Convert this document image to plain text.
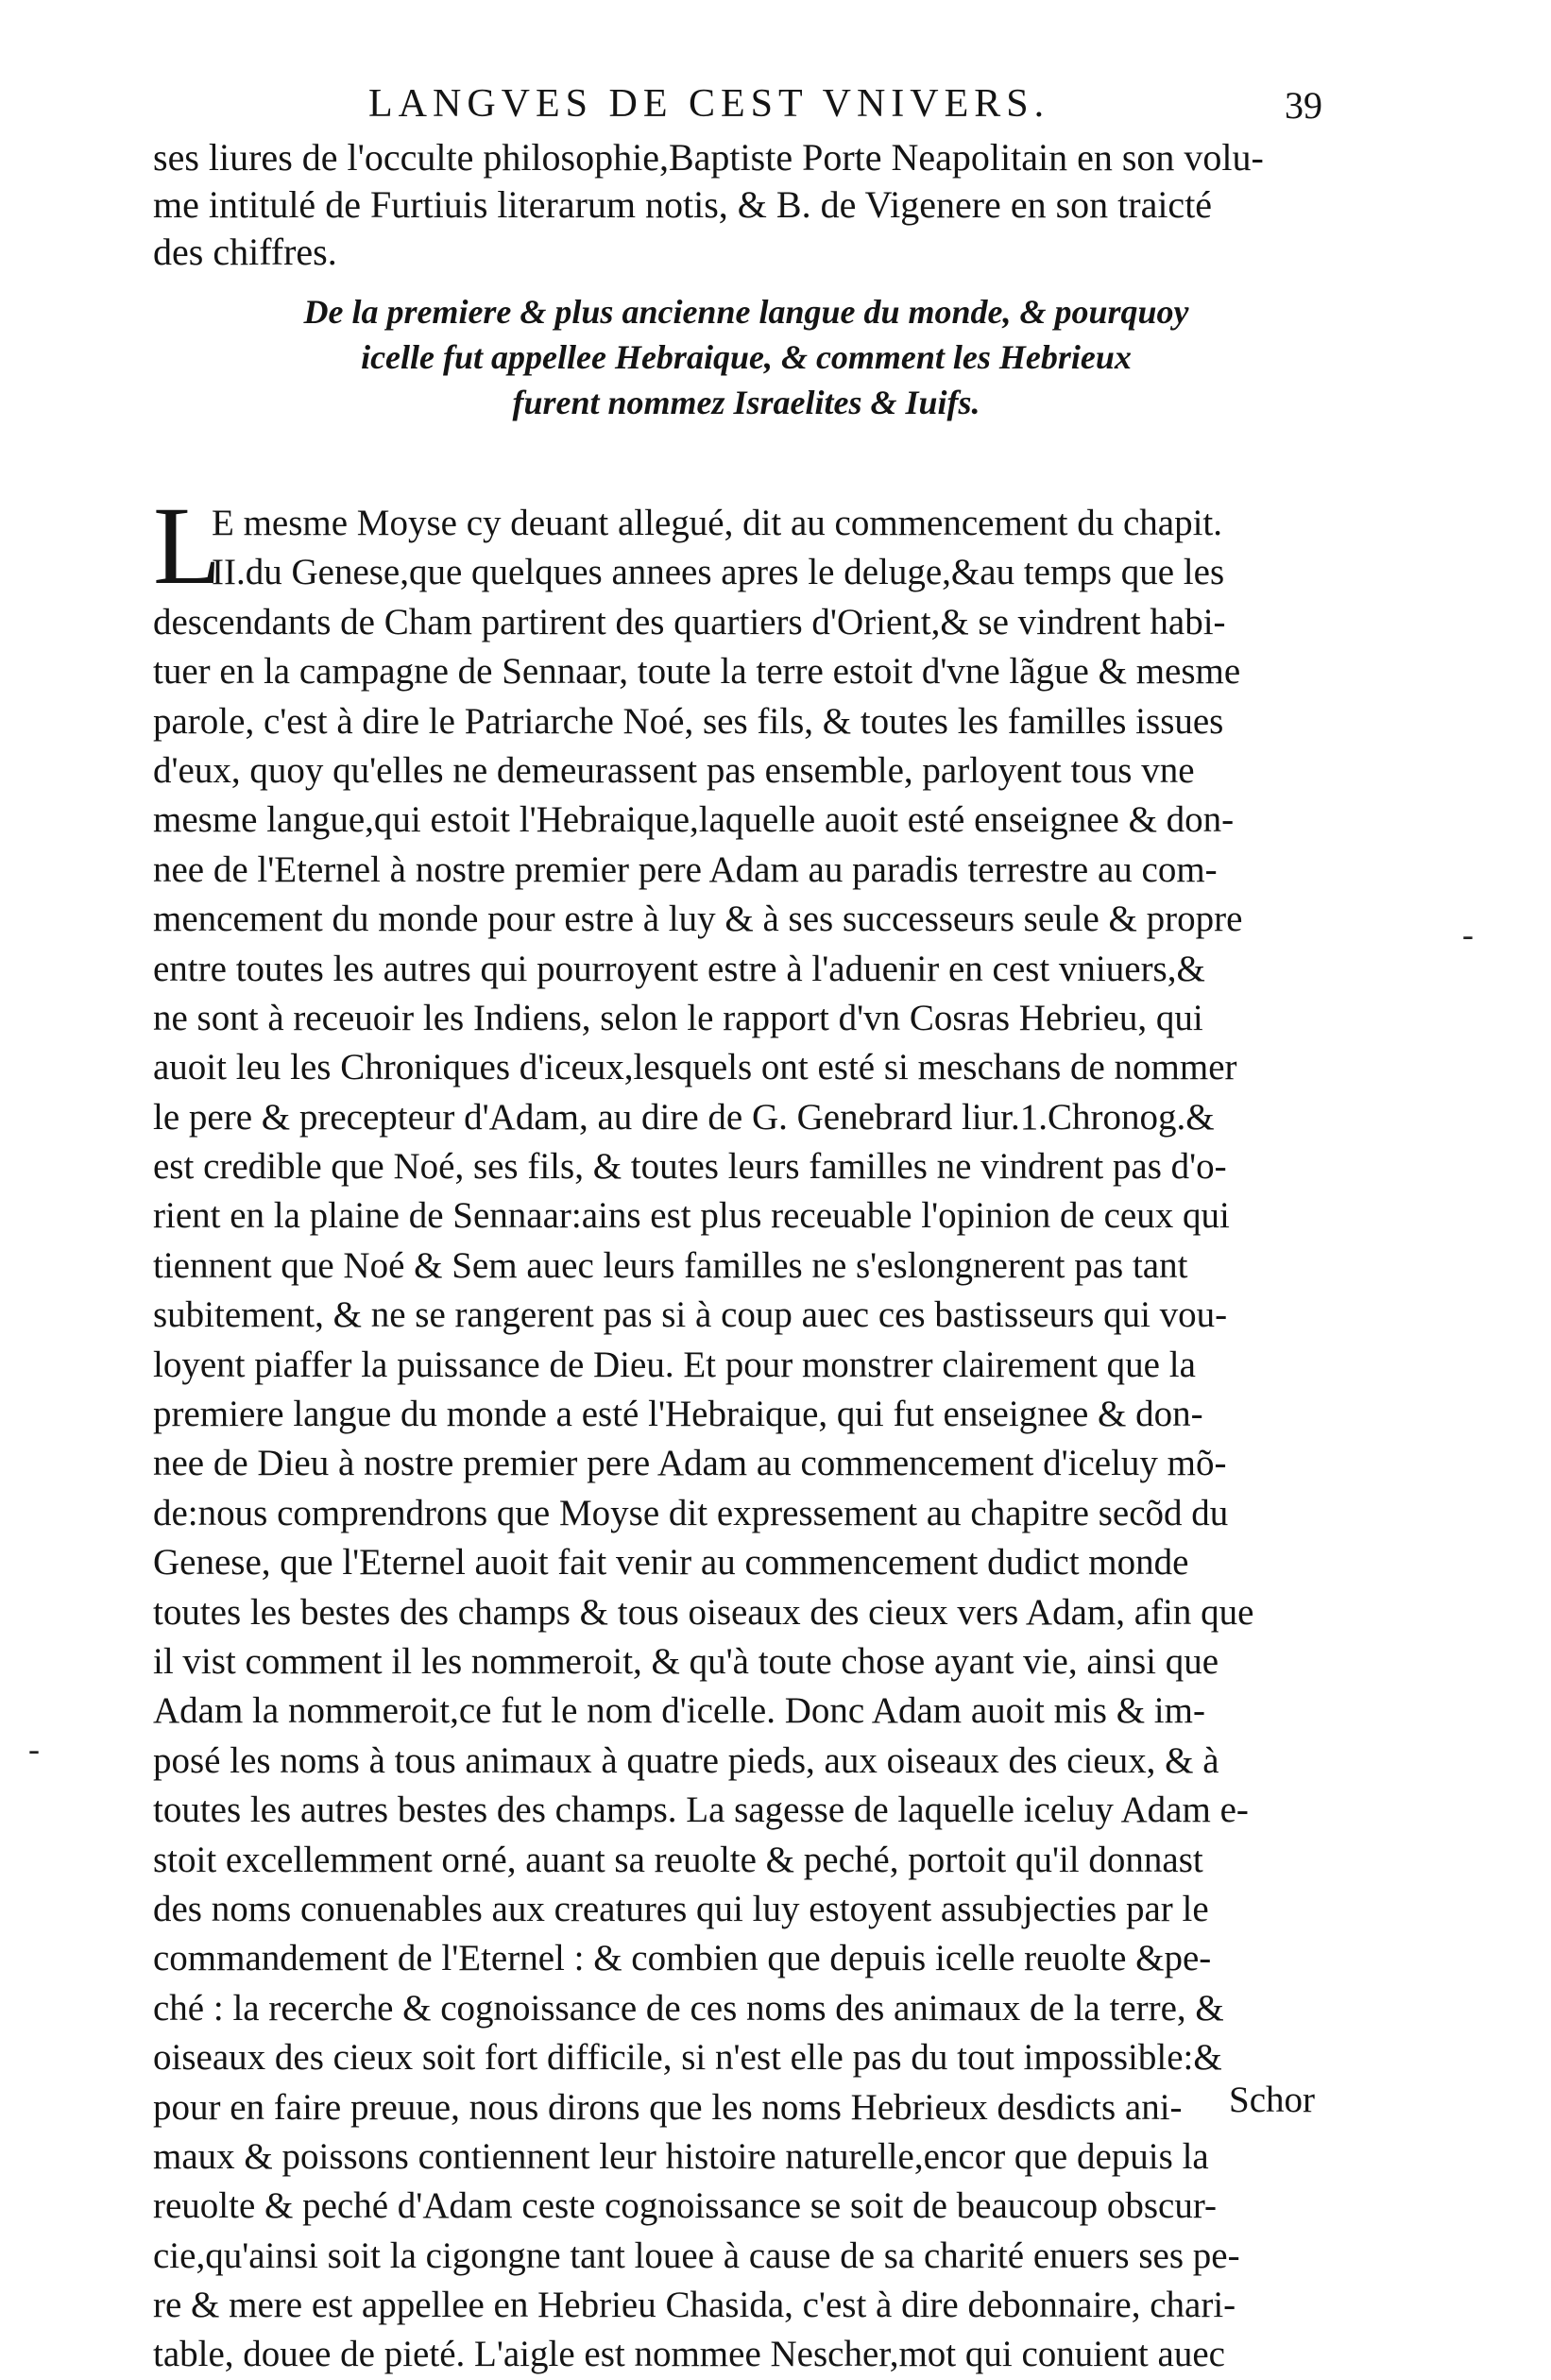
LANGVES DE CEST VNIVERS.	39
ses liures de l'occulte philosophie,Baptiste Porte Neapolitain en son volu-
me intitulé de Furtiuis literarum notis, & B. de Vigenere en son traicté
des chiffres.
De la premiere & plus ancienne langue du monde, & pourquoy
icelle fut appellee Hebraique, & comment les Hebrieux
furent nommez Israelites & Iuifs.
L
E mesme Moyse cy deuant allegué, dit au commencement du chapit.
II.du Genese,que quelques annees apres le deluge,&au temps que les
descendants de Cham partirent des quartiers d'Orient,& se vindrent habi-
tuer en la campagne de Sennaar, toute la terre estoit d'vne lãgue & mesme
parole, c'est à dire le Patriarche Noé, ses fils, & toutes les familles issues
d'eux, quoy qu'elles ne demeurassent pas ensemble, parloyent tous vne
mesme langue,qui estoit l'Hebraique,laquelle auoit esté enseignee & don-
nee de l'Eternel à nostre premier pere Adam au paradis terrestre au com-
mencement du monde pour estre à luy & à ses successeurs seule & propre
entre toutes les autres qui pourroyent estre à l'aduenir en cest vniuers,&
ne sont à receuoir les Indiens, selon le rapport d'vn Cosras Hebrieu, qui
auoit leu les Chroniques d'iceux,lesquels ont esté si meschans de nommer
le pere & precepteur d'Adam, au dire de G. Genebrard liur.1.Chronog.&
est credible que Noé, ses fils, & toutes leurs familles ne vindrent pas d'o-
rient en la plaine de Sennaar:ains est plus receuable l'opinion de ceux qui
tiennent que Noé & Sem auec leurs familles ne s'eslongnerent pas tant
subitement, & ne se rangerent pas si à coup auec ces bastisseurs qui vou-
loyent piaffer la puissance de Dieu. Et pour monstrer clairement que la
premiere langue du monde a esté l'Hebraique, qui fut enseignee & don-
nee de Dieu à nostre premier pere Adam au commencement d'iceluy mõ-
de:nous comprendrons que Moyse dit expressement au chapitre secõd du
Genese, que l'Eternel auoit fait venir au commencement dudict monde
toutes les bestes des champs & tous oiseaux des cieux vers Adam, afin que
il vist comment il les nommeroit, & qu'à toute chose ayant vie, ainsi que
Adam la nommeroit,ce fut le nom d'icelle. Donc Adam auoit mis & im-
posé les noms à tous animaux à quatre pieds, aux oiseaux des cieux, & à
toutes les autres bestes des champs. La sagesse de laquelle iceluy Adam e-
stoit excellemment orné, auant sa reuolte & peché, portoit qu'il donnast
des noms conuenables aux creatures qui luy estoyent assubjecties par le
commandement de l'Eternel : & combien que depuis icelle reuolte &pe-
ché : la recerche & cognoissance de ces noms des animaux de la terre, &
oiseaux des cieux soit fort difficile, si n'est elle pas du tout impossible:&
pour en faire preuue, nous dirons que les noms Hebrieux desdicts ani-
maux & poissons contiennent leur histoire naturelle,encor que depuis la
reuolte & peché d'Adam ceste cognoissance se soit de beaucoup obscur-
cie,qu'ainsi soit la cigongne tant louee à cause de sa charité enuers ses pe-
re & mere est appellee en Hebrieu Chasida, c'est à dire debonnaire, chari-
table, douee de pieté. L'aigle est nommee Nescher,mot qui conuient auec
Schor
‐
‐
